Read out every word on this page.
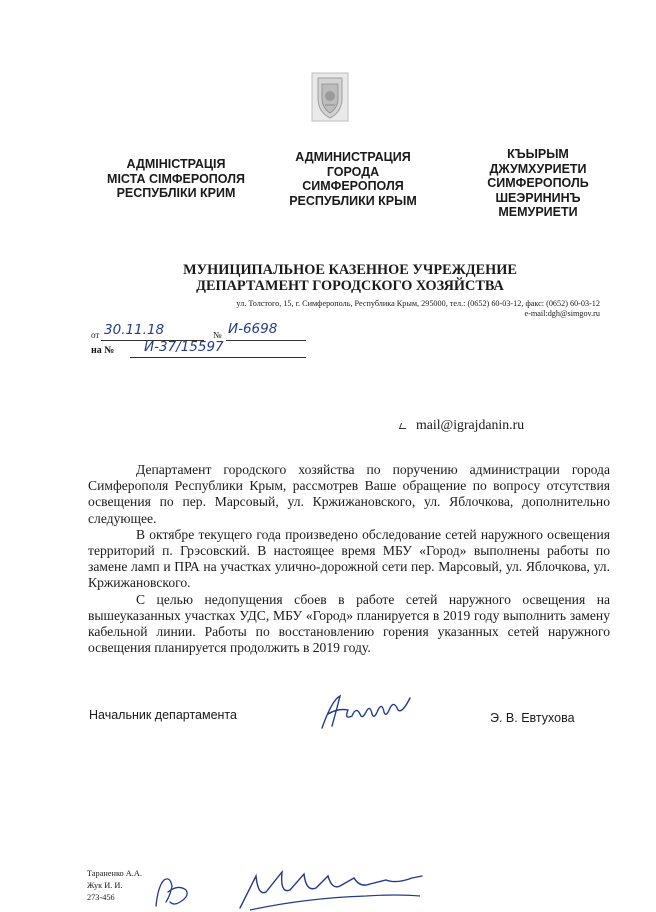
АДМІНІСТРАЦІЯ
МІСТА СІМФЕРОПОЛЯ
РЕСПУБЛІКИ КРИМ
АДМИНИСТРАЦИЯ
ГОРОДА
СИМФЕРОПОЛЯ
РЕСПУБЛИКИ КРЫМ
КЪЫРЫМ
ДЖУМХУРИЕТИ
СИМФЕРОПОЛЬ
ШЕЭРИНИНЪ
МЕМУРИЕТИ
МУНИЦИПАЛЬНОЕ КАЗЕННОЕ УЧРЕЖДЕНИЕ
ДЕПАРТАМЕНТ ГОРОДСКОГО ХОЗЯЙСТВА
ул. Толстого, 15, г. Симферополь, Республика Крым, 295000, тел.: (0652) 60-03-12, факс: (0652) 60-03-12
e-mail:dgh@simgov.ru
от 30.11.18	№ И-6698
на № И-37/15597
mail@igrajdanin.ru

Департамент городского хозяйства по поручению администрации города Симферополя Республики Крым, рассмотрев Ваше обращение по вопросу отсутствия освещения по пер. Марсовый, ул. Кржижановского, ул. Яблочкова, дополнительно следующее.

В октябре текущего года произведено обследование сетей наружного освещения территорий п. Грэсовский. В настоящее время МБУ «Город» выполнены работы по замене ламп и ПРА на участках улично-дорожной сети пер. Марсовый, ул. Яблочкова, ул. Кржижановского.

С целью недопущения сбоев в работе сетей наружного освещения на вышеуказанных участках УДС, МБУ «Город» планируется в 2019 году выполнить замену кабельной линии. Работы по восстановлению горения указанных сетей наружного освещения планируется продолжить в 2019 году.

Начальник департамента	Э. В. Евтухова
Тараненко А.А.
Жук И. И.
273-456
